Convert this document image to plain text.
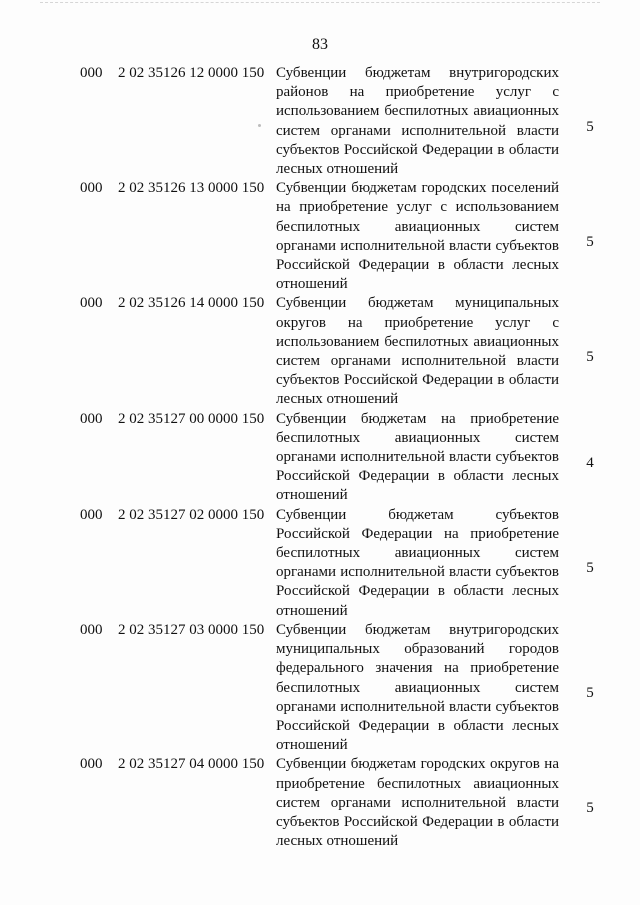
83
000 2 02 35126 12 0000 150 Субвенции бюджетам внутригородских районов на приобретение услуг с использованием беспилотных авиационных систем органами исполнительной власти субъектов Российской Федерации в области лесных отношений
5
000 2 02 35126 13 0000 150 Субвенции бюджетам городских поселений на приобретение услуг с использованием беспилотных авиационных систем органами исполнительной власти субъектов Российской Федерации в области лесных отношений
5
000 2 02 35126 14 0000 150 Субвенции бюджетам муниципальных округов на приобретение услуг с использованием беспилотных авиационных систем органами исполнительной власти субъектов Российской Федерации в области лесных отношений
5
000 2 02 35127 00 0000 150 Субвенции бюджетам на приобретение беспилотных авиационных систем органами исполнительной власти субъектов Российской Федерации в области лесных отношений
4
000 2 02 35127 02 0000 150 Субвенции бюджетам субъектов Российской Федерации на приобретение беспилотных авиационных систем органами исполнительной власти субъектов Российской Федерации в области лесных отношений
5
000 2 02 35127 03 0000 150 Субвенции бюджетам внутригородских муниципальных образований городов федерального значения на приобретение беспилотных авиационных систем органами исполнительной власти субъектов Российской Федерации в области лесных отношений
5
000 2 02 35127 04 0000 150 Субвенции бюджетам городских округов на приобретение беспилотных авиационных систем органами исполнительной власти субъектов Российской Федерации в области лесных отношений
5
